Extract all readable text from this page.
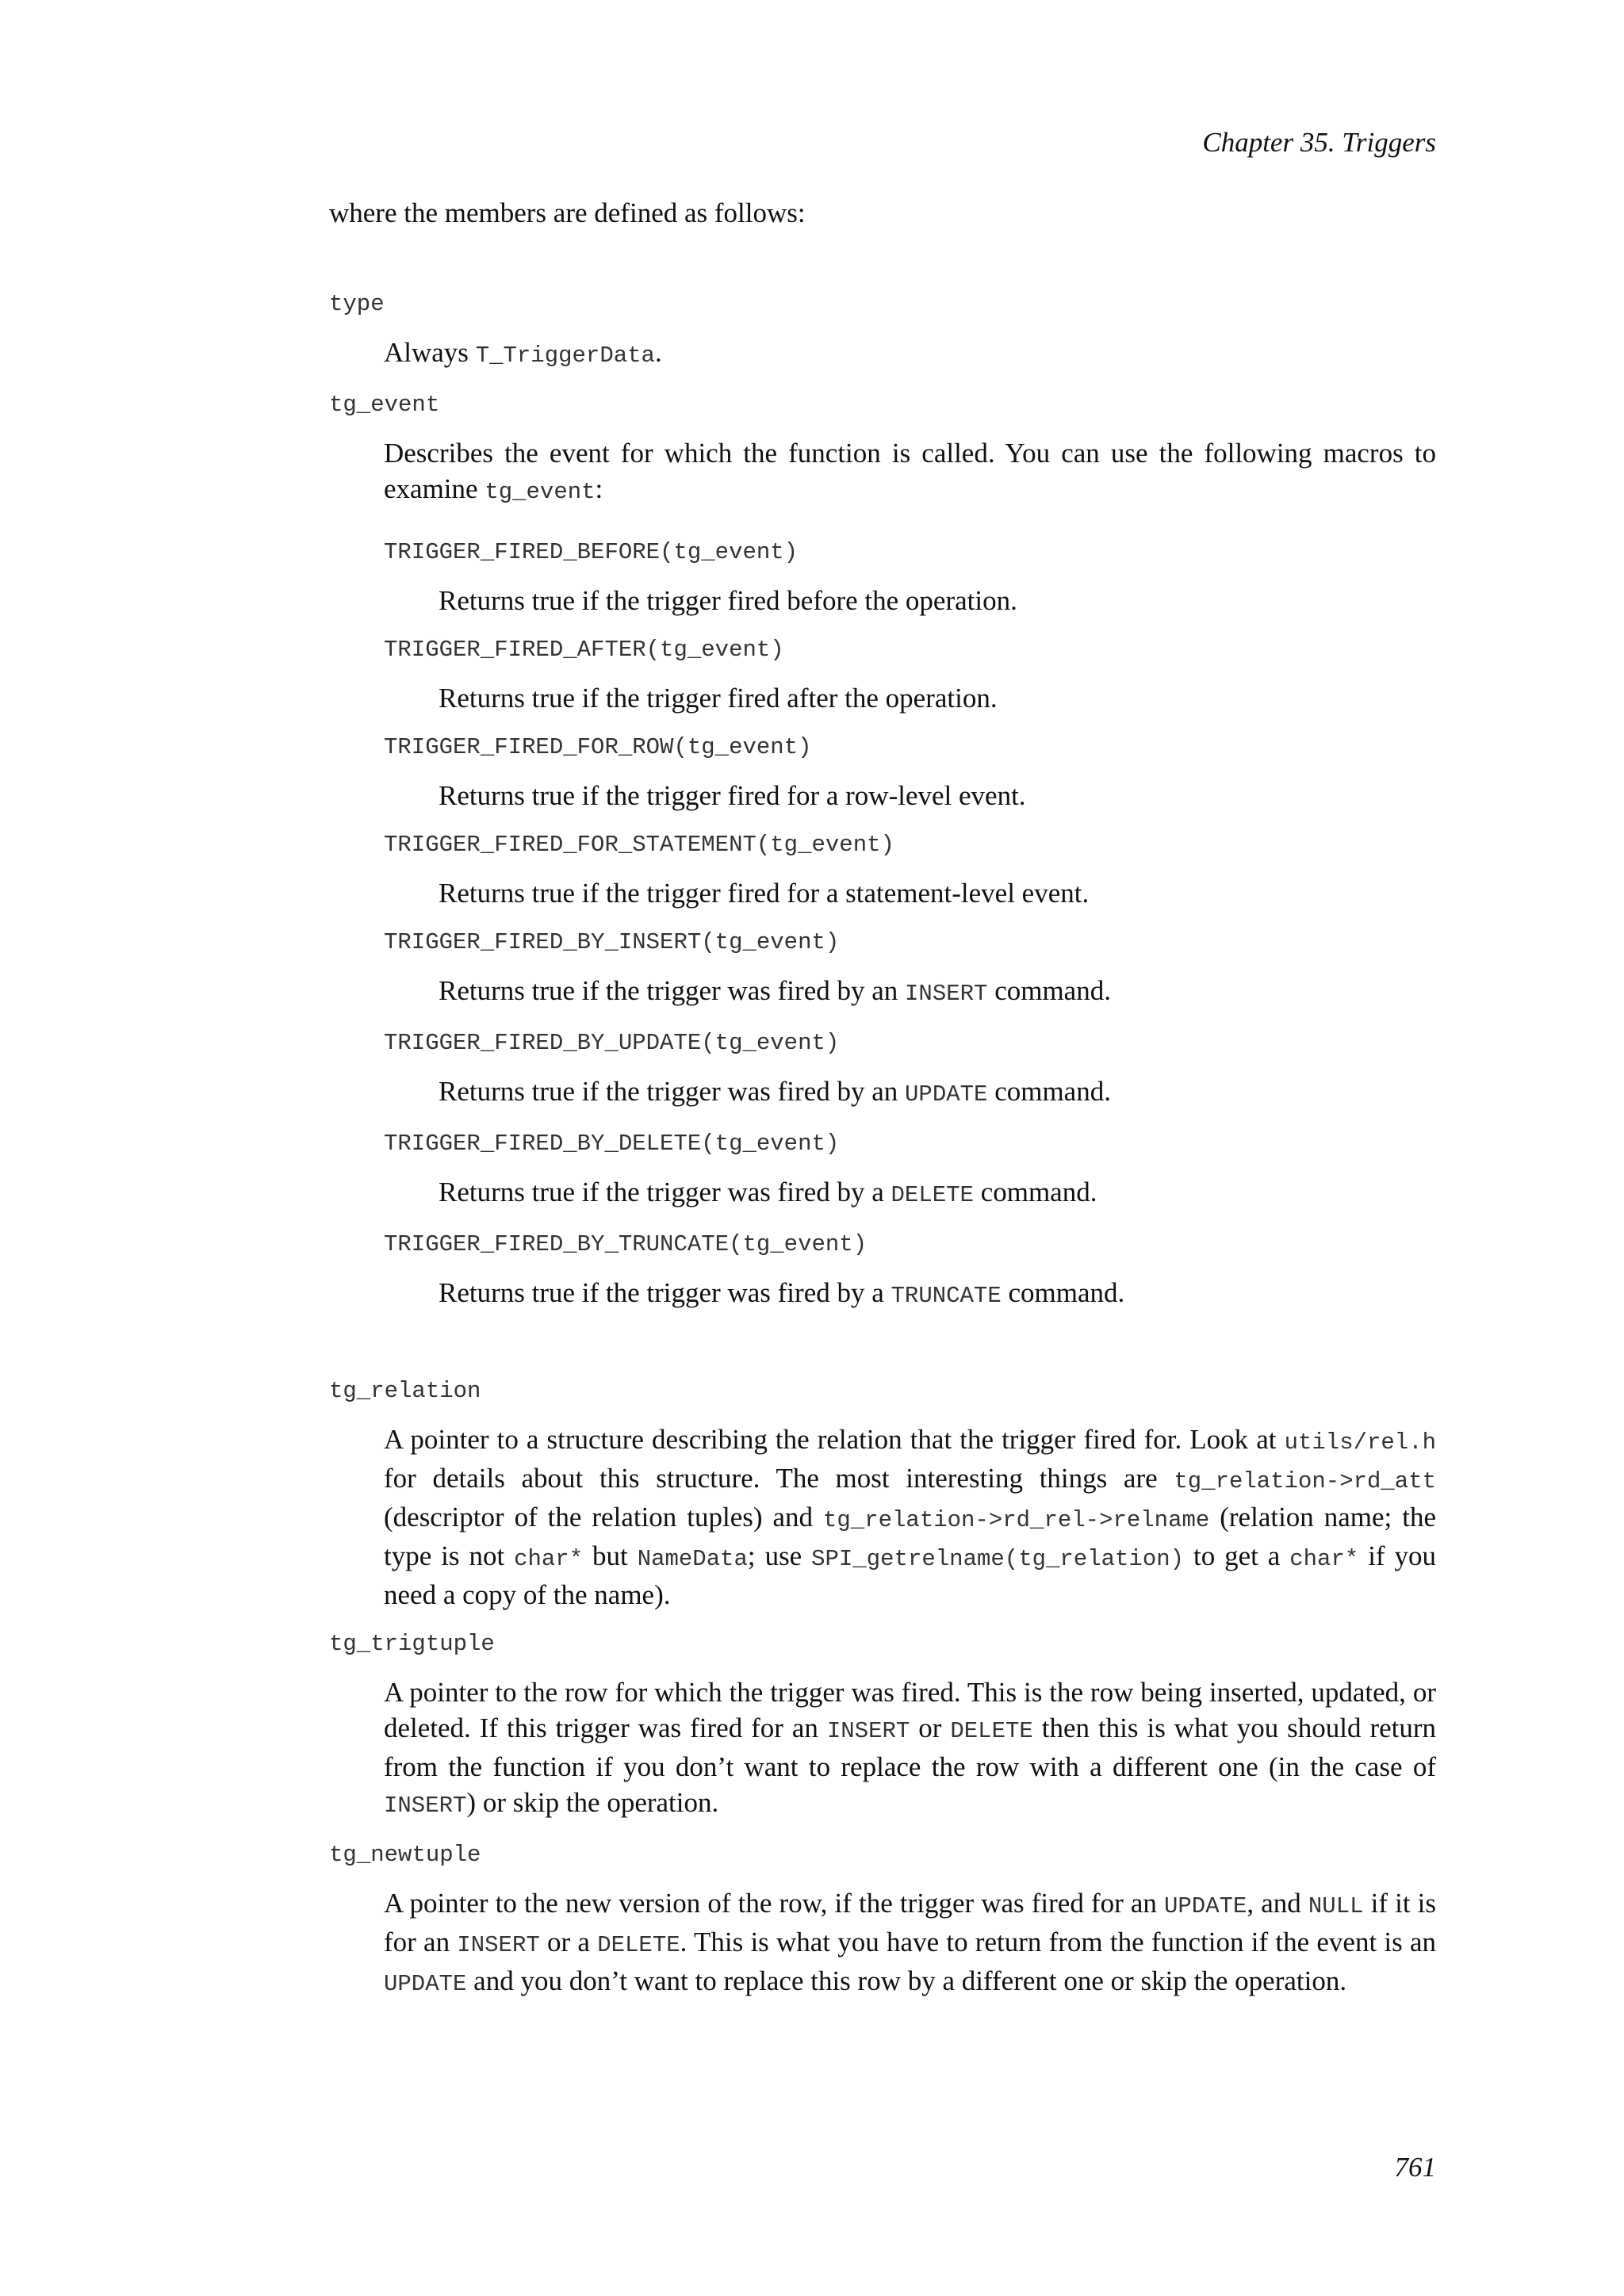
Chapter 35. Triggers

where the members are defined as follows:

type

Always T_TriggerData.

tg_event

Describes the event for which the function is called. You can use the following macros to examine tg_event:

TRIGGER_FIRED_BEFORE(tg_event)
Returns true if the trigger fired before the operation.
TRIGGER_FIRED_AFTER(tg_event)
Returns true if the trigger fired after the operation.
TRIGGER_FIRED_FOR_ROW(tg_event)
Returns true if the trigger fired for a row-level event.
TRIGGER_FIRED_FOR_STATEMENT(tg_event)
Returns true if the trigger fired for a statement-level event.
TRIGGER_FIRED_BY_INSERT(tg_event)
Returns true if the trigger was fired by an INSERT command.
TRIGGER_FIRED_BY_UPDATE(tg_event)
Returns true if the trigger was fired by an UPDATE command.
TRIGGER_FIRED_BY_DELETE(tg_event)
Returns true if the trigger was fired by a DELETE command.
TRIGGER_FIRED_BY_TRUNCATE(tg_event)
Returns true if the trigger was fired by a TRUNCATE command.
tg_relation

A pointer to a structure describing the relation that the trigger fired for. Look at utils/rel.h for details about this structure. The most interesting things are tg_relation->rd_att (descriptor of the relation tuples) and tg_relation->rd_rel->relname (relation name; the type is not char* but NameData; use SPI_getrelname(tg_relation) to get a char* if you need a copy of the name).

tg_trigtuple

A pointer to the row for which the trigger was fired. This is the row being inserted, updated, or deleted. If this trigger was fired for an INSERT or DELETE then this is what you should return from the function if you don’t want to replace the row with a different one (in the case of INSERT) or skip the operation.

tg_newtuple

A pointer to the new version of the row, if the trigger was fired for an UPDATE, and NULL if it is for an INSERT or a DELETE. This is what you have to return from the function if the event is an UPDATE and you don’t want to replace this row by a different one or skip the operation.

761
